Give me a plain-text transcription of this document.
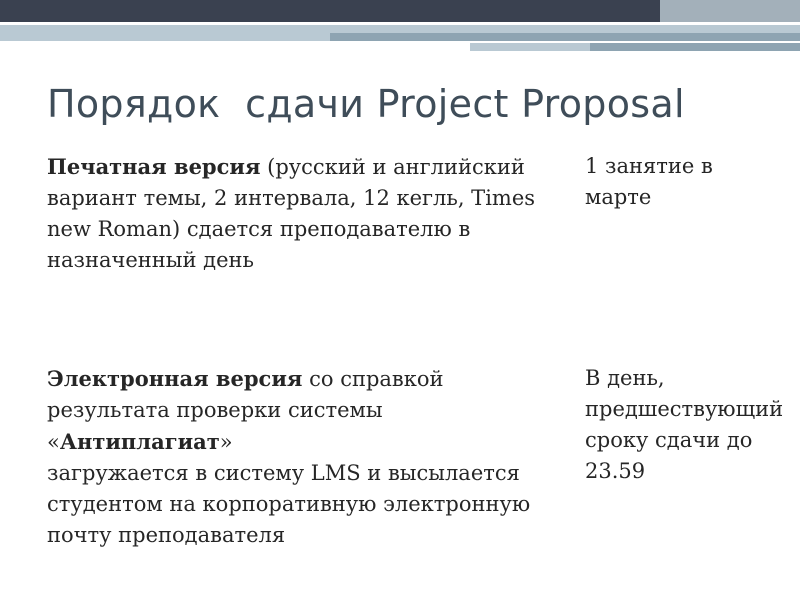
Порядок  сдачи Project Proposal
Печатная версия (русский и английский вариант темы, 2 интервала, 12 кегль, Times new Roman) сдается преподавателю в назначенный день
1 занятие в марте
Электронная версия со справкой результата проверки системы
«Антиплагиат»
загружается в систему LMS и высылается студентом на корпоративную электронную почту преподавателя
В день, предшествующий сроку сдачи до 23.59
